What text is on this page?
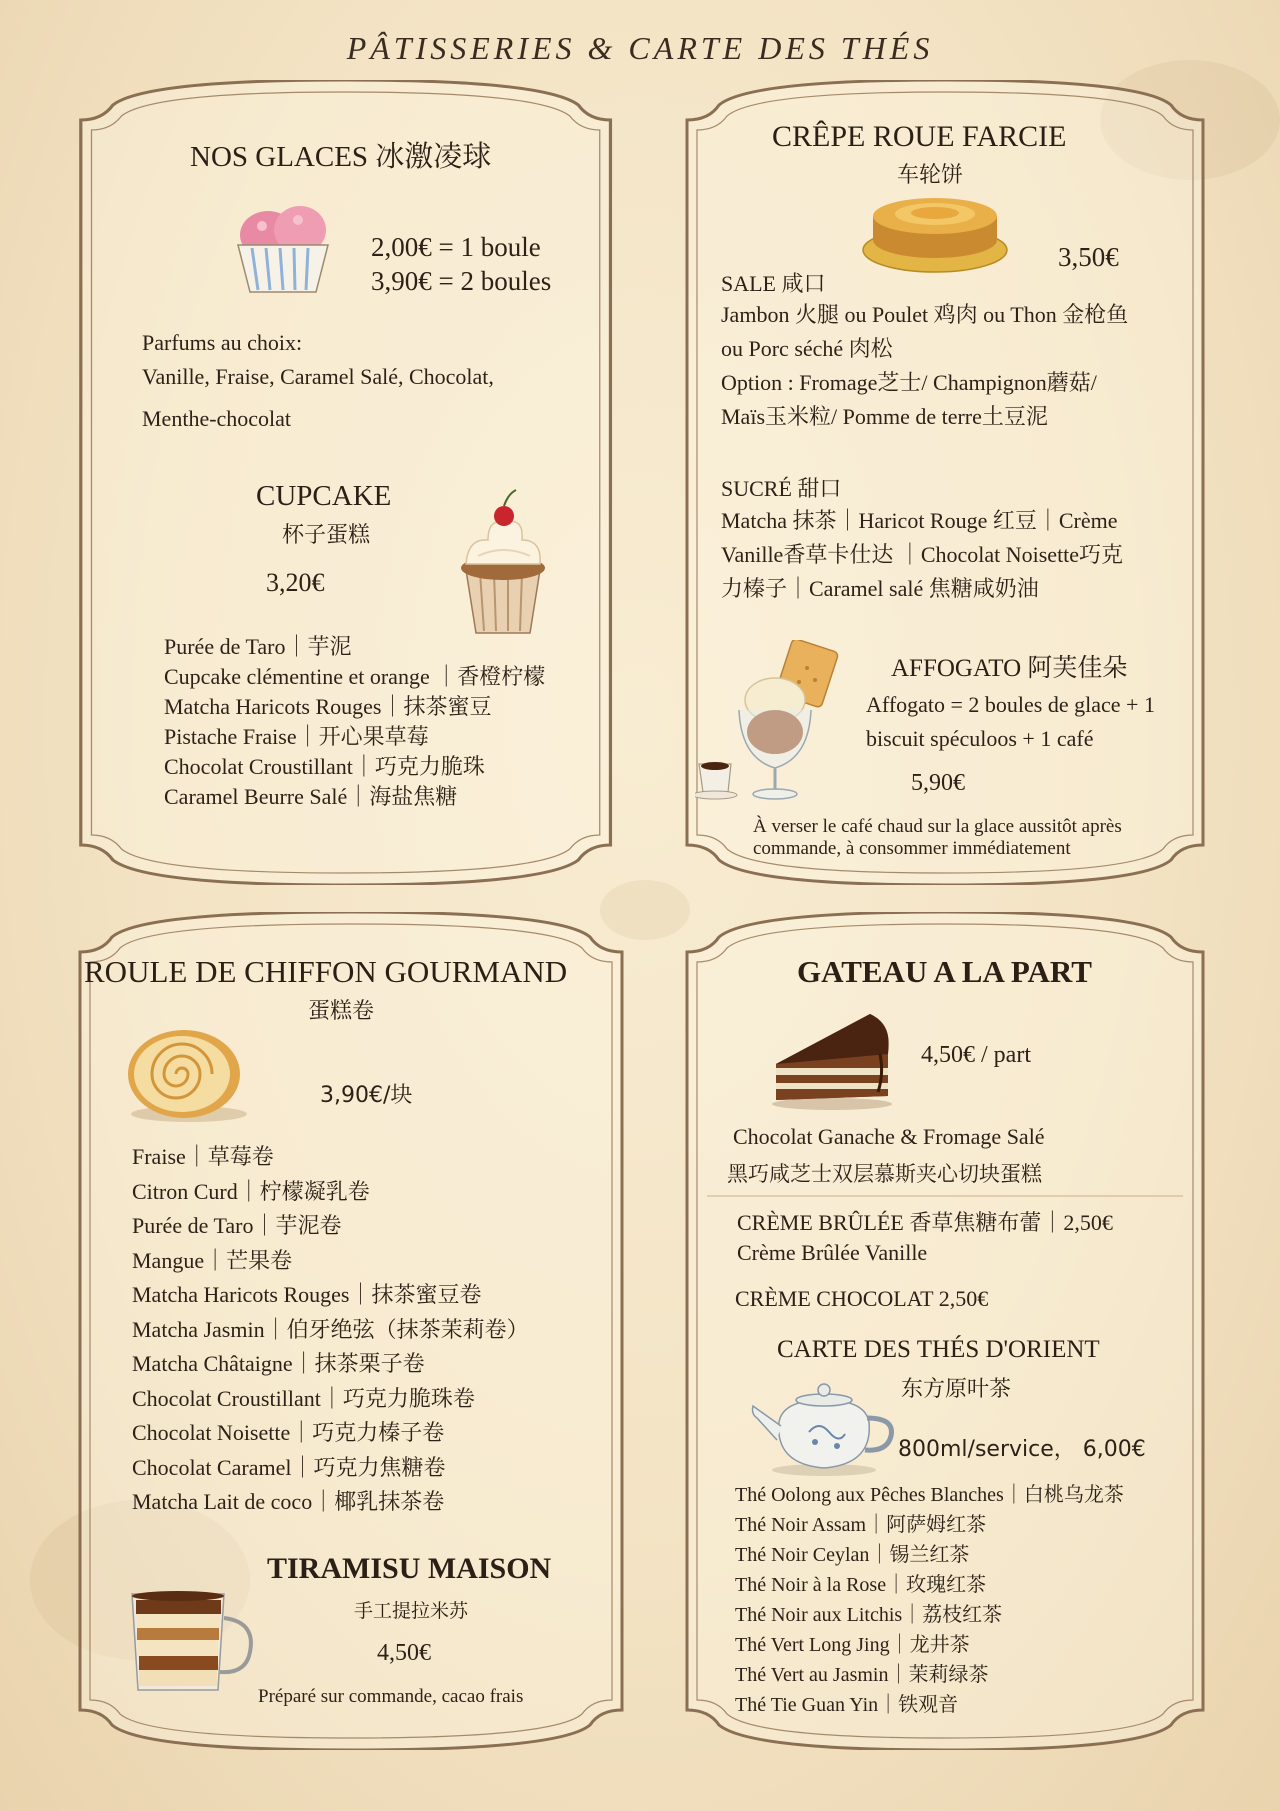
PÂTISSERIES & CARTE DES THÉS
NOS GLACES 冰激凌球
2,00€ = 1 boule
3,90€ = 2 boules
Parfums au choix:
Vanille, Fraise, Caramel Salé, Chocolat,
Menthe-chocolat
CUPCAKE
杯子蛋糕
3,20€
Purée de Taro｜芋泥
Cupcake clémentine et orange ｜香橙柠檬
Matcha Haricots Rouges｜抹茶蜜豆
Pistache Fraise｜开心果草莓
Chocolat Croustillant｜巧克力脆珠
Caramel Beurre Salé｜海盐焦糖
CRÊPE ROUE FARCIE
车轮饼
3,50€
SALE 咸口
Jambon 火腿 ou Poulet 鸡肉 ou Thon 金枪鱼
ou Porc séché 肉松
Option : Fromage芝士/ Champignon蘑菇/
Maïs玉米粒/ Pomme de terre土豆泥
SUCRÉ 甜口
Matcha 抹茶｜Haricot Rouge 红豆｜Crème
Vanille香草卡仕达 ｜Chocolat Noisette巧克
力榛子｜Caramel salé 焦糖咸奶油
AFFOGATO 阿芙佳朵
Affogato = 2 boules de glace + 1
biscuit spéculoos + 1 café
5,90€
À verser le café chaud sur la glace aussitôt après
commande, à consommer immédiatement
ROULE DE CHIFFON GOURMAND
蛋糕卷
3,90€/块
Fraise｜草莓卷
Citron Curd｜柠檬凝乳卷
Purée de Taro｜芋泥卷
Mangue｜芒果卷
Matcha Haricots Rouges｜抹茶蜜豆卷
Matcha Jasmin｜伯牙绝弦（抹茶茉莉卷）
Matcha Châtaigne｜抹茶栗子卷
Chocolat Croustillant｜巧克力脆珠卷
Chocolat Noisette｜巧克力榛子卷
Chocolat Caramel｜巧克力焦糖卷
Matcha Lait de coco｜椰乳抹茶卷
TIRAMISU MAISON
手工提拉米苏
4,50€
Préparé sur commande, cacao frais
GATEAU A LA PART
4,50€ / part
Chocolat Ganache & Fromage Salé
黑巧咸芝士双层慕斯夹心切块蛋糕
CRÈME BRÛLÉE 香草焦糖布蕾｜2,50€
Crème Brûlée Vanille
CRÈME CHOCOLAT 2,50€
CARTE DES THÉS D'ORIENT
东方原叶茶
800ml/service， 6,00€
Thé Oolong aux Pêches Blanches｜白桃乌龙茶
Thé Noir Assam｜阿萨姆红茶
Thé Noir Ceylan｜锡兰红茶
Thé Noir à la Rose｜玫瑰红茶
Thé Noir aux Litchis｜荔枝红茶
Thé Vert Long Jing｜龙井茶
Thé Vert au Jasmin｜茉莉绿茶
Thé Tie Guan Yin｜铁观音
